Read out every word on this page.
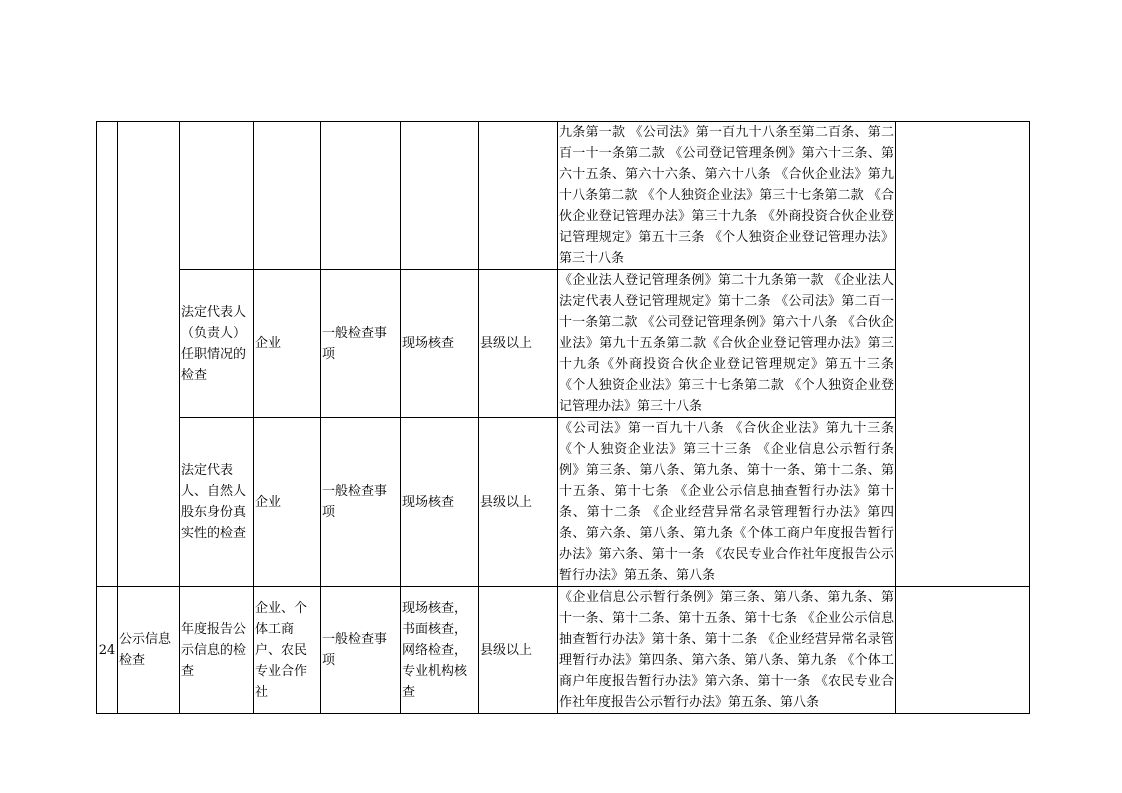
							九条第一款 《公司法》第一百九十八条至第二百条、第二百一十一条第二款 《公司登记管理条例》第六十三条、第六十五条、第六十六条、第六十八条 《合伙企业法》第九十八条第二款 《个人独资企业法》第三十七条第二款 《合伙企业登记管理办法》第三十九条 《外商投资合伙企业登记管理规定》第五十三条 《个人独资企业登记管理办法》第三十八条	
		法定代表人（负责人）任职情况的检查	企业	一般检查事项	现场核查	县级以上	《企业法人登记管理条例》第二十九条第一款 《企业法人法定代表人登记管理规定》第十二条 《公司法》第二百一十一条第二款 《公司登记管理条例》第六十八条 《合伙企业法》第九十五条第二款《合伙企业登记管理办法》第三十九条《外商投资合伙企业登记管理规定》第五十三条 《个人独资企业法》第三十七条第二款 《个人独资企业登记管理办法》第三十八条	
		法定代表人、自然人股东身份真实性的检查	企业	一般检查事项	现场核查	县级以上	《公司法》第一百九十八条 《合伙企业法》第九十三条 《个人独资企业法》第三十三条 《企业信息公示暂行条例》第三条、第八条、第九条、第十一条、第十二条、第十五条、第十七条 《企业公示信息抽查暂行办法》第十条、第十二条 《企业经营异常名录管理暂行办法》第四条、第六条、第八条、第九条《个体工商户年度报告暂行办法》第六条、第十一条 《农民专业合作社年度报告公示暂行办法》第五条、第八条	
24	公示信息检查	年度报告公示信息的检查	企业、个体工商户、农民专业合作社	一般检查事项	现场核查，书面核查，网络检查，专业机构核查	县级以上	《企业信息公示暂行条例》第三条、第八条、第九条、第十一条、第十二条、第十五条、第十七条 《企业公示信息抽查暂行办法》第十条、第十二条 《企业经营异常名录管理暂行办法》第四条、第六条、第八条、第九条 《个体工商户年度报告暂行办法》第六条、第十一条 《农民专业合作社年度报告公示暂行办法》第五条、第八条	
